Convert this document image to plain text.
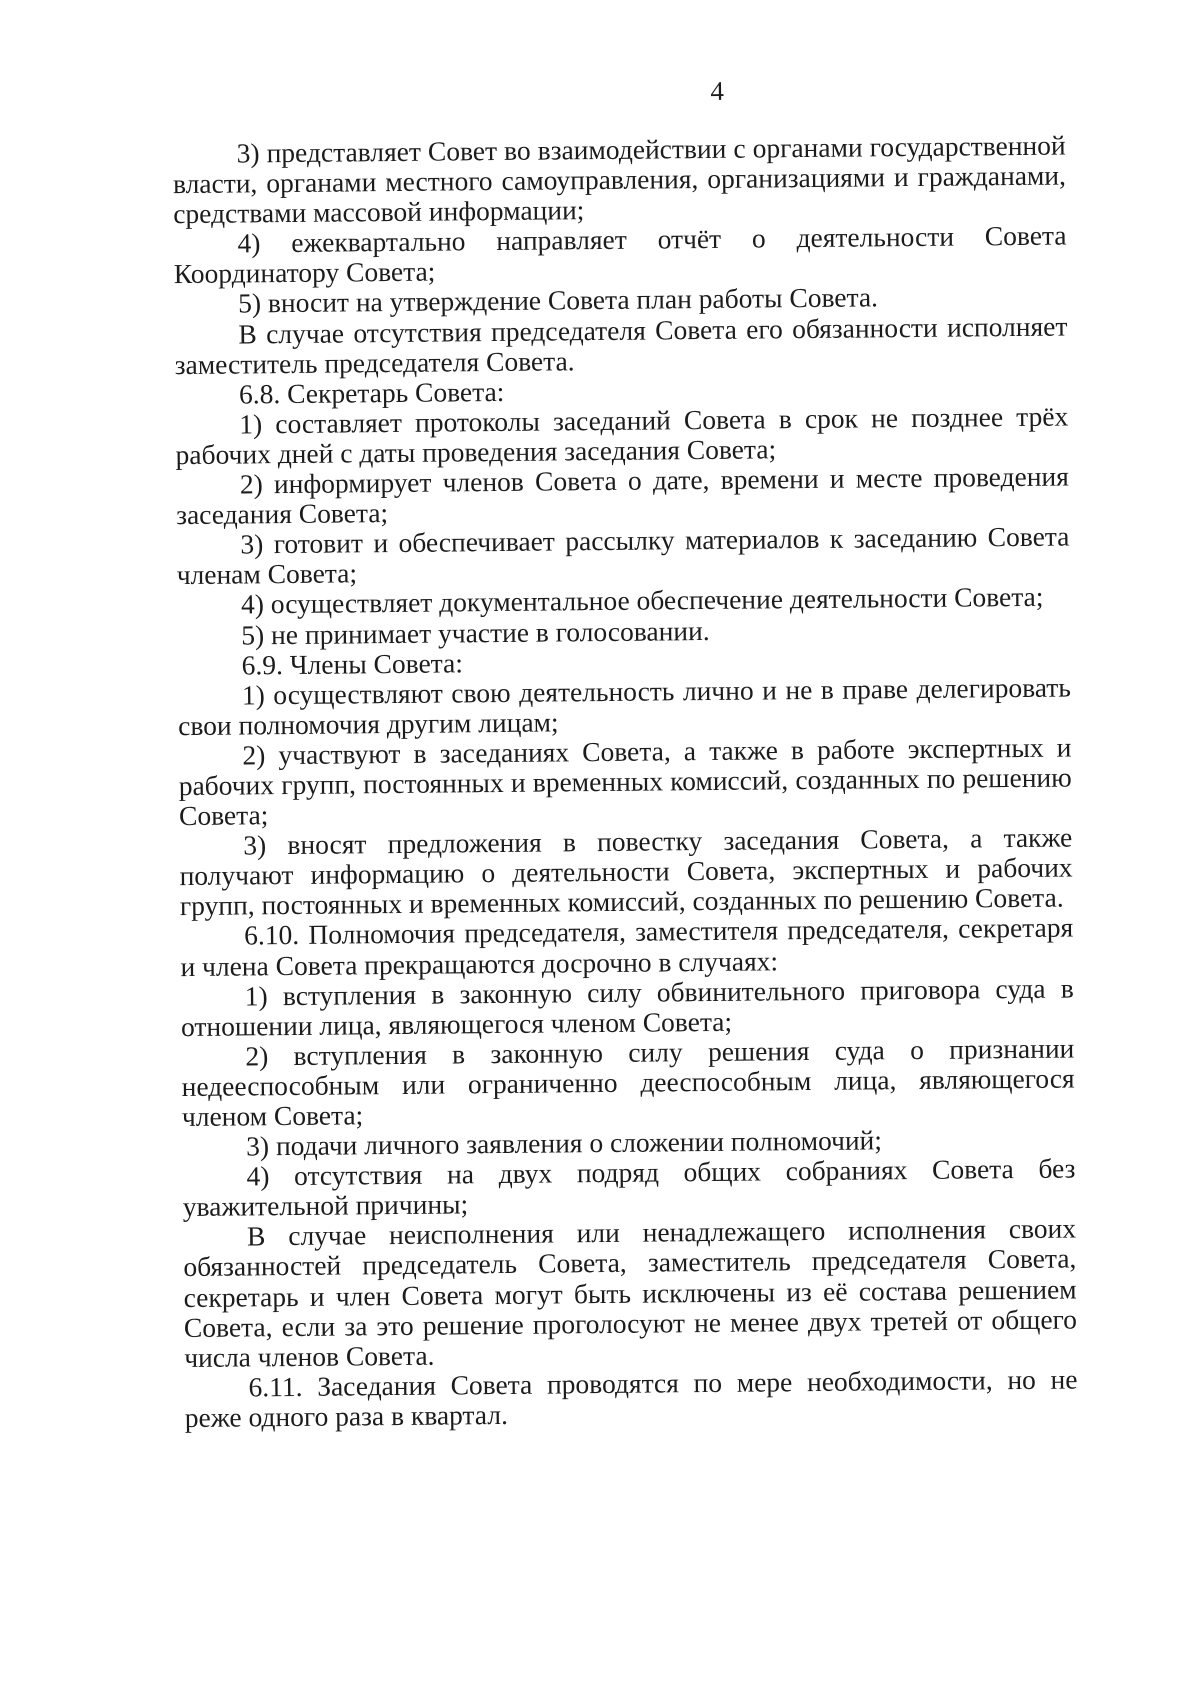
4

3) представляет Совет во взаимодействии с органами государственной власти, органами местного самоуправления, организациями и гражданами, средствами массовой информации;

4) ежеквартально направляет отчёт о деятельности Совета Координатору Совета;

5) вносит на утверждение Совета план работы Совета.

В случае отсутствия председателя Совета его обязанности исполняет заместитель председателя Совета.

6.8. Секретарь Совета:

1) составляет протоколы заседаний Совета в срок не позднее трёх рабочих дней с даты проведения заседания Совета;

2) информирует членов Совета о дате, времени и месте проведения заседания Совета;

3) готовит и обеспечивает рассылку материалов к заседанию Совета членам Совета;

4) осуществляет документальное обеспечение деятельности Совета;

5) не принимает участие в голосовании.

6.9. Члены Совета:

1) осуществляют свою деятельность лично и не в праве делегировать свои полномочия другим лицам;

2) участвуют в заседаниях Совета, а также в работе экспертных и рабочих групп, постоянных и временных комиссий, созданных по решению Совета;

3) вносят предложения в повестку заседания Совета, а также получают информацию о деятельности Совета, экспертных и рабочих групп, постоянных и временных комиссий, созданных по решению Совета.

6.10. Полномочия председателя, заместителя председателя, секретаря и члена Совета прекращаются досрочно в случаях:

1) вступления в законную силу обвинительного приговора суда в отношении лица, являющегося членом Совета;

2) вступления в законную силу решения суда о признании недееспособным или ограниченно дееспособным лица, являющегося членом Совета;

3) подачи личного заявления о сложении полномочий;

4) отсутствия на двух подряд общих собраниях Совета без уважительной причины;

В случае неисполнения или ненадлежащего исполнения своих обязанностей председатель Совета, заместитель председателя Совета, секретарь и член Совета могут быть исключены из её состава решением Совета, если за это решение проголосуют не менее двух третей от общего числа членов Совета.

6.11. Заседания Совета проводятся по мере необходимости, но не реже одного раза в квартал.
